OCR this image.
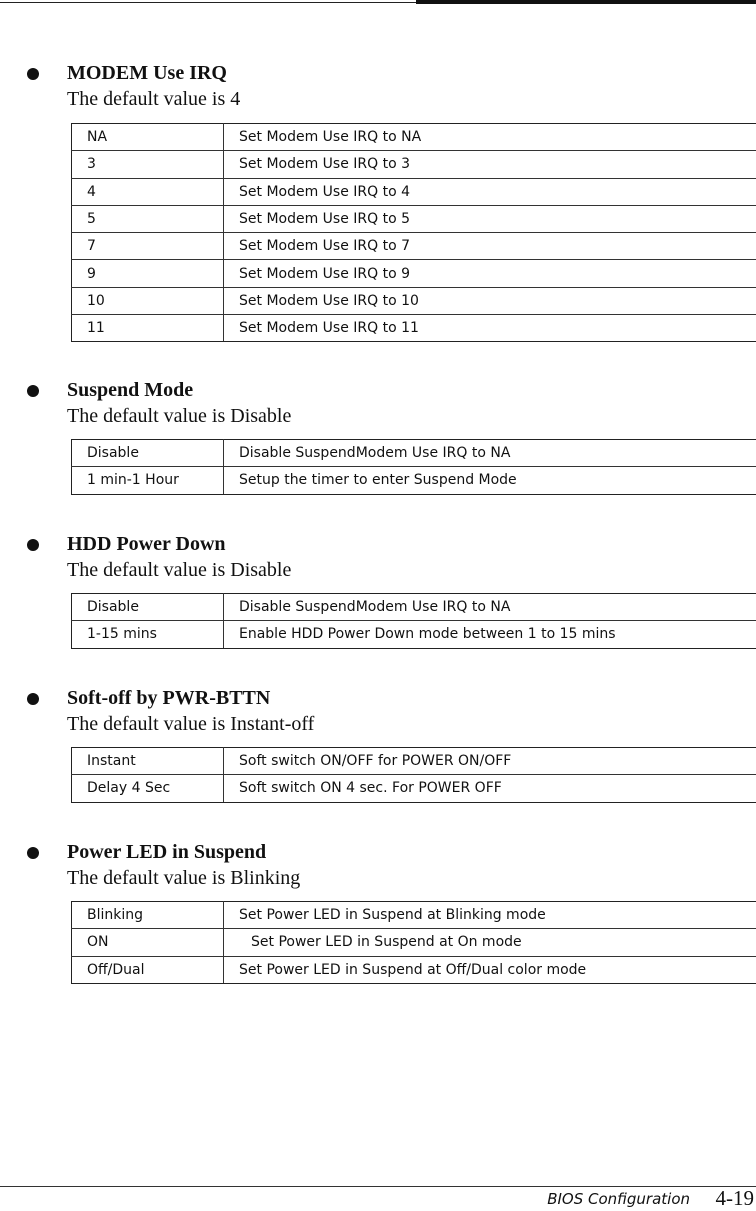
MODEM Use IRQ
The default value is 4
NA	Set Modem Use IRQ to NA
3	Set Modem Use IRQ to 3
4	Set Modem Use IRQ to 4
5	Set Modem Use IRQ to 5
7	Set Modem Use IRQ to 7
9	Set Modem Use IRQ to 9
10	Set Modem Use IRQ to 10
11	Set Modem Use IRQ to 11
Suspend Mode
The default value is Disable
Disable	Disable SuspendModem Use IRQ to NA
1 min-1 Hour	Setup the timer to enter Suspend Mode
HDD Power Down
The default value is Disable
Disable	Disable SuspendModem Use IRQ to NA
1-15 mins	Enable HDD Power Down mode between 1 to 15 mins
Soft-off by PWR-BTTN
The default value is Instant-off
Instant	Soft switch ON/OFF for POWER ON/OFF
Delay 4 Sec	Soft switch ON 4 sec. For POWER OFF
Power LED in Suspend
The default value is Blinking
Blinking	Set Power LED in Suspend at Blinking mode
ON	Set Power LED in Suspend at On mode
Off/Dual	Set Power LED in Suspend at Off/Dual color mode
BIOS Configuration 4-19
